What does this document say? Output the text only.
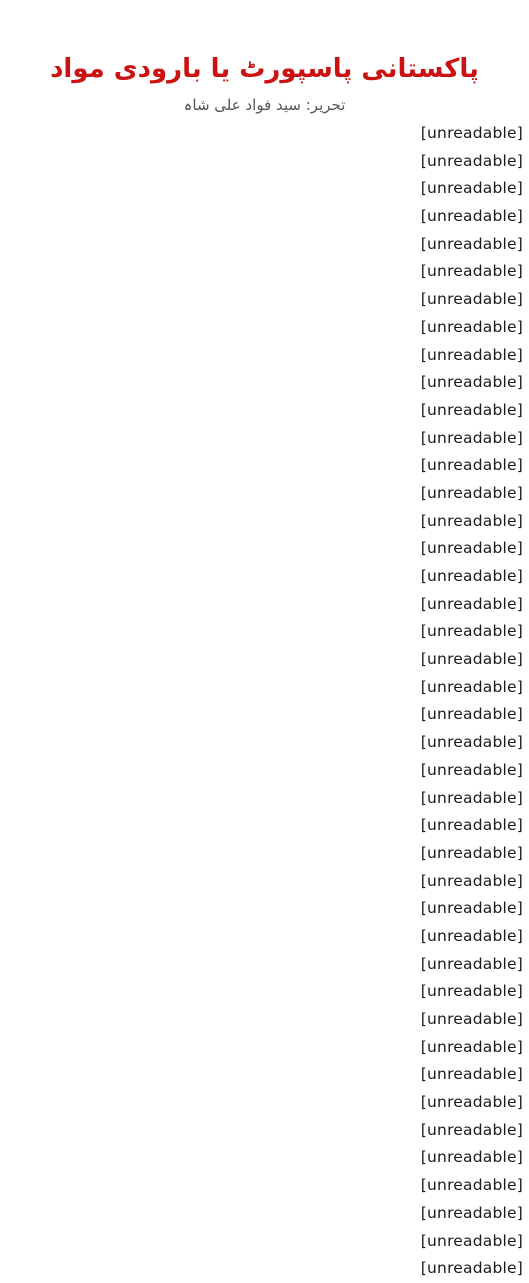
پاکستانی پاسپورٹ یا بارودی مواد
تحریر: سید فواد علی شاہ
[unreadable]
[unreadable]
[unreadable]
[unreadable]
[unreadable]
[unreadable]
[unreadable]
[unreadable]
[unreadable]
[unreadable]
[unreadable]
[unreadable]
[unreadable]
[unreadable]
[unreadable]
[unreadable]
[unreadable]
[unreadable]
[unreadable]
[unreadable]
[unreadable]
[unreadable]
[unreadable]
[unreadable]
[unreadable]
[unreadable]
[unreadable]
[unreadable]
[unreadable]
[unreadable]
[unreadable]
[unreadable]
[unreadable]
[unreadable]
[unreadable]
[unreadable]
[unreadable]
[unreadable]
[unreadable]
[unreadable]
[unreadable]
[unreadable]
